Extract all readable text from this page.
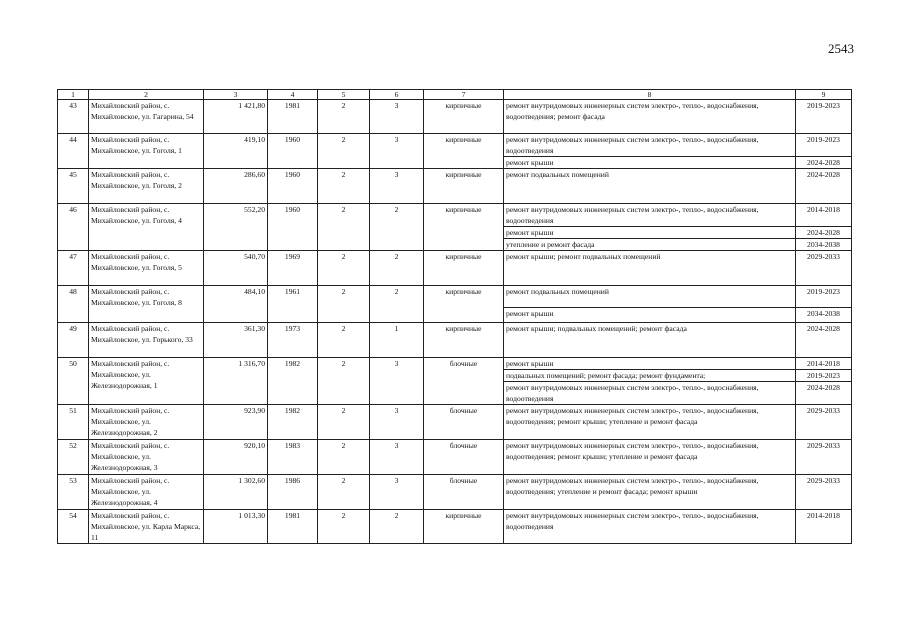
2543
1	2	3	4	5	6	7	8	9
43	Михайловский район, с. Михайловское, ул. Гагарина, 54	1 421,80	1981	2	3	кирпичные	ремонт внутридомовых инженерных систем электро-, тепло-, водоснабжения, водоотведения; ремонт фасада	2019-2023
44	Михайловский район, с. Михайловское, ул. Гоголя, 1	419,10	1960	2	3	кирпичные	ремонт внутридомовых инженерных систем электро-, тепло-, водоснабжения, водоотведения	2019-2023
							ремонт крыши	2024-2028
45	Михайловский район, с. Михайловское, ул. Гоголя, 2	286,60	1960	2	3	кирпичные	ремонт подвальных помещений	2024-2028
46	Михайловский район, с. Михайловское, ул. Гоголя, 4	552,20	1960	2	2	кирпичные	ремонт внутридомовых инженерных систем электро-, тепло-, водоснабжения, водоотведения	2014-2018
							ремонт крыши	2024-2028
							утепление и ремонт фасада	2034-2038
47	Михайловский район, с. Михайловское, ул. Гоголя, 5	540,70	1969	2	2	кирпичные	ремонт крыши; ремонт подвальных помещений	2029-2033
48	Михайловский район, с. Михайловское, ул. Гоголя, 8	484,10	1961	2	2	кирпичные	ремонт подвальных помещений	2019-2023
							ремонт крыши	2034-2038
49	Михайловский район, с. Михайловское, ул. Горького, 33	361,30	1973	2	1	кирпичные	ремонт крыши; подвальных помещений; ремонт фасада	2024-2028
50	Михайловский район, с. Михайловское, ул. Железнодорожная, 1	1 316,70	1982	2	3	блочные	ремонт крыши	2014-2018
							подвальных помещений; ремонт фасада; ремонт фундамента;	2019-2023
							ремонт внутридомовых инженерных систем электро-, тепло-, водоснабжения, водоотведения	2024-2028
51	Михайловский район, с. Михайловское, ул. Железнодорожная, 2	923,90	1982	2	3	блочные	ремонт внутридомовых инженерных систем электро-, тепло-, водоснабжения, водоотведения; ремонт крыши; утепление и ремонт фасада	2029-2033
52	Михайловский район, с. Михайловское, ул. Железнодорожная, 3	920,10	1983	2	3	блочные	ремонт внутридомовых инженерных систем электро-, тепло-, водоснабжения, водоотведения; ремонт крыши; утепление и ремонт фасада	2029-2033
53	Михайловский район, с. Михайловское, ул. Железнодорожная, 4	1 302,60	1986	2	3	блочные	ремонт внутридомовых инженерных систем электро-, тепло-, водоснабжения, водоотведения; утепление и ремонт фасада; ремонт крыши	2029-2033
54	Михайловский район, с. Михайловское, ул. Карла Маркса, 11	1 013,30	1981	2	2	кирпичные	ремонт внутридомовых инженерных систем электро-, тепло-, водоснабжения, водоотведения	2014-2018
